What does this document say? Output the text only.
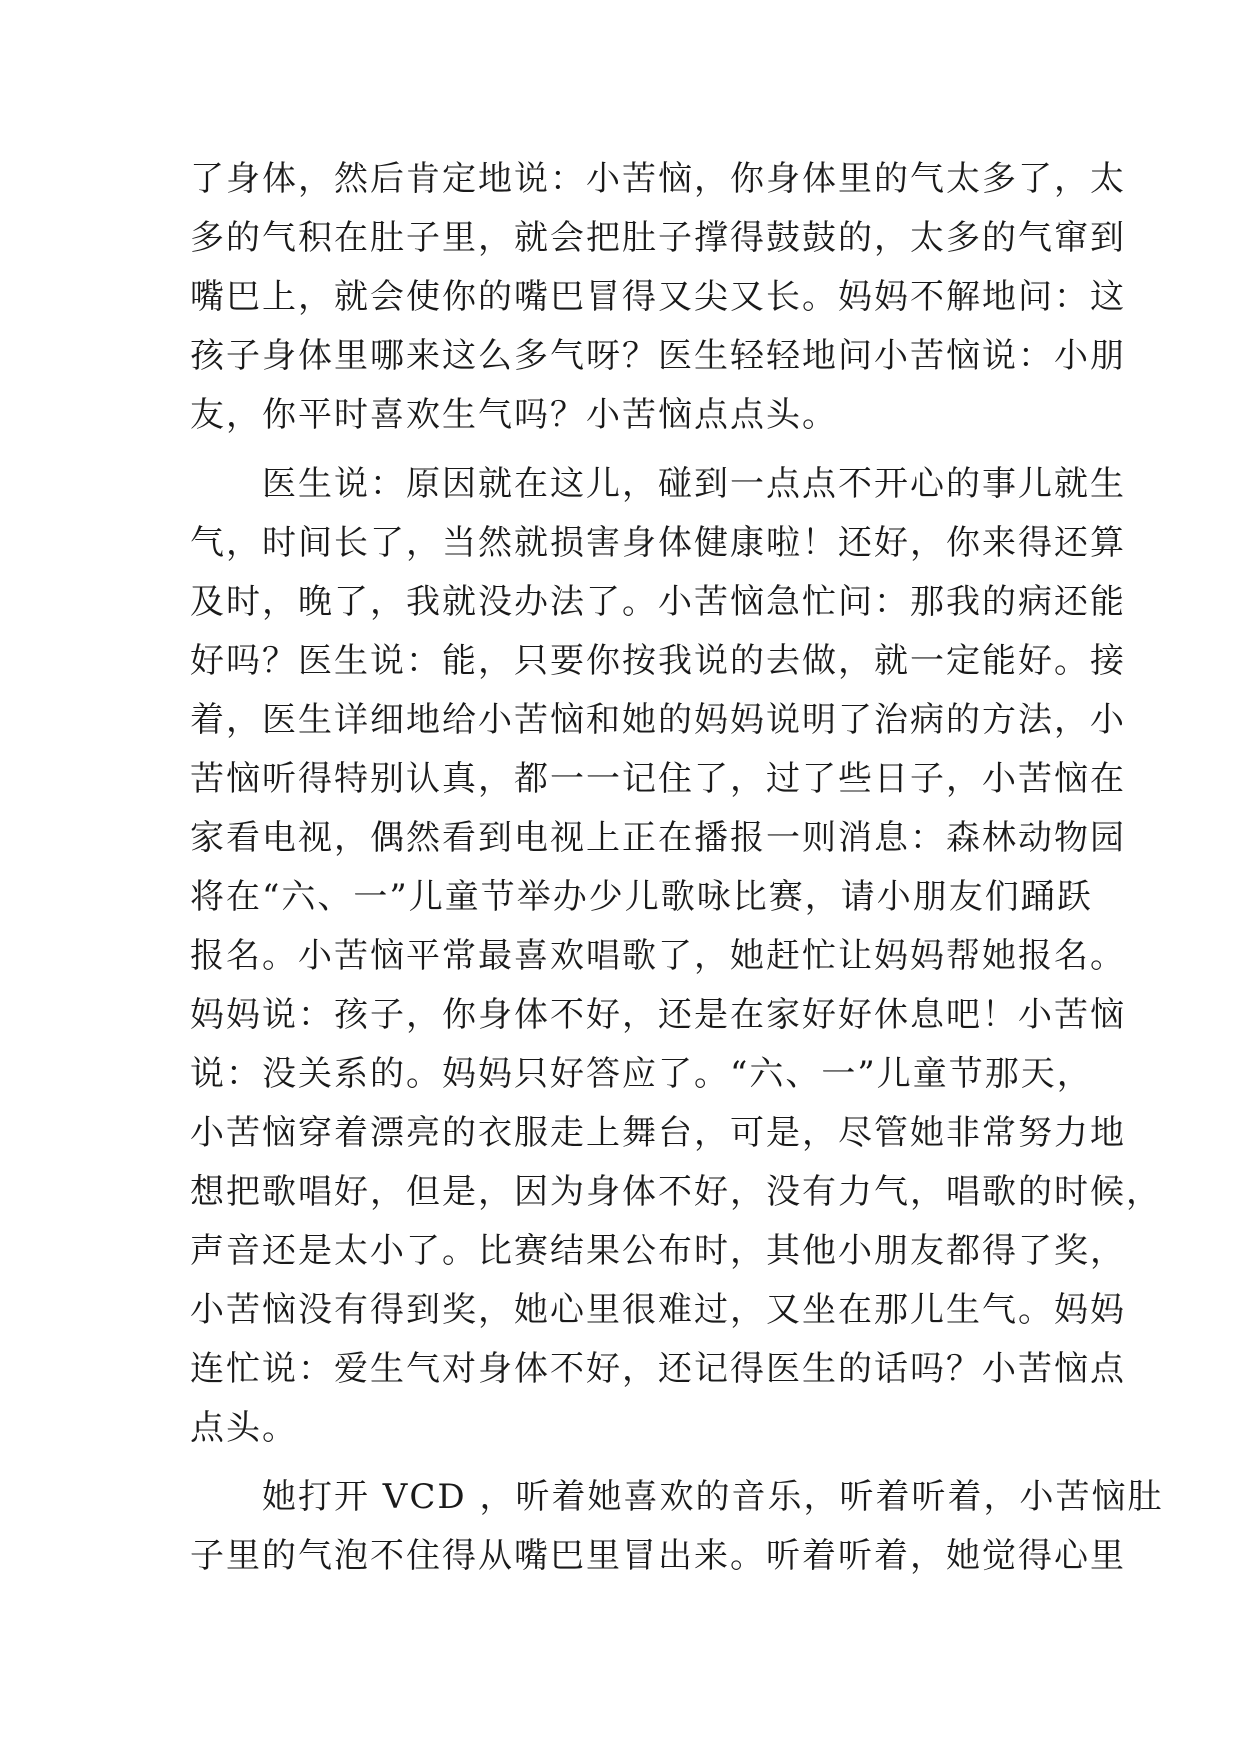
了身体，然后肯定地说：小苦恼，你身体里的气太多了，太
多的气积在肚子里，就会把肚子撑得鼓鼓的，太多的气窜到
嘴巴上，就会使你的嘴巴冒得又尖又长。妈妈不解地问：这
孩子身体里哪来这么多气呀？医生轻轻地问小苦恼说：小朋
友，你平时喜欢生气吗？小苦恼点点头。
医生说：原因就在这儿，碰到一点点不开心的事儿就生
气，时间长了，当然就损害身体健康啦！还好，你来得还算
及时，晚了，我就没办法了。小苦恼急忙问：那我的病还能
好吗？医生说：能，只要你按我说的去做，就一定能好。接
着，医生详细地给小苦恼和她的妈妈说明了治病的方法，小
苦恼听得特别认真，都一一记住了，过了些日子，小苦恼在
家看电视，偶然看到电视上正在播报一则消息：森林动物园
将在“六、一”儿童节举办少儿歌咏比赛，请小朋友们踊跃
报名。小苦恼平常最喜欢唱歌了，她赶忙让妈妈帮她报名。
妈妈说：孩子，你身体不好，还是在家好好休息吧！小苦恼
说：没关系的。妈妈只好答应了。“六、一”儿童节那天，
小苦恼穿着漂亮的衣服走上舞台，可是，尽管她非常努力地
想把歌唱好，但是，因为身体不好，没有力气，唱歌的时候，
声音还是太小了。比赛结果公布时，其他小朋友都得了奖，
小苦恼没有得到奖，她心里很难过，又坐在那儿生气。妈妈
连忙说：爱生气对身体不好，还记得医生的话吗？小苦恼点
点头。
她打开 VCD ，听着她喜欢的音乐，听着听着，小苦恼肚
子里的气泡不住得从嘴巴里冒出来。听着听着，她觉得心里
